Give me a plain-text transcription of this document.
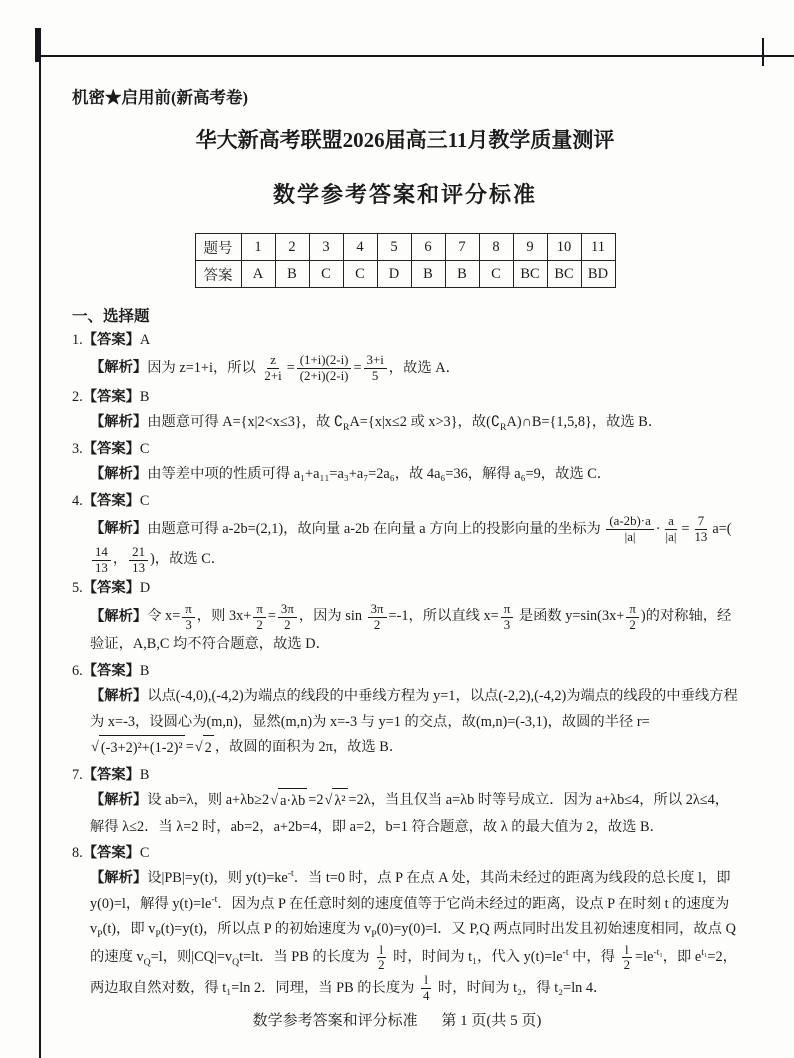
机密★启用前(新高考卷)
华大新高考联盟2026届高三11月教学质量测评
数学参考答案和评分标准
题号	1	2	3	4	5	6	7	8	9	10	11
答案	A	B	C	C	D	B	B	C	BC	BC	BD
一、选择题
1.【答案】A
【解析】因为 z=1+i，所以 $\frac{z}{2+i} = \frac{(1+i)(2-i)}{(2+i)(2-i)} = \frac{3+i}{5}$ ，故选 A．
2.【答案】B
【解析】由题意可得 A={x|2<x≤3}，故 $∁_RA=\{x|x\le 2$ 或 x>3}，故$(∁_RA)\cap B=\{1,5,8\}$，故选 B．
3.【答案】C
【解析】由等差中项的性质可得 a₁+a₁₁=a₃+a₇=2a₆，故 4a₆=36，解得 a₆=9，故选 C．
4.【答案】C
【解析】由题意可得 a-2b=(2,1)，故向量 a-2b 在向量 a 方向上的投影向量的坐标为 $\frac{(a-2b)\cdot a}{|a|} \cdot \frac{a}{|a|} = \frac{7}{13} a=$(
$\frac{14}{13}$ ， $\frac{21}{13}$ )，故选 C．
5.【答案】D
【解析】令 $x= \frac{\pi}{3}$ ，则 $3x+ \frac{\pi}{2} = \frac{3\pi}{2}$ ，因为 $\sin \frac{3\pi}{2} =-1$，所以直线 $x= \frac{\pi}{3}$ 是函数 $y=\sin(3x+ \frac{\pi}{2}$ )的对称轴，经验证，A,B,C 均不符合题意，故选 D．
6.【答案】B
【解析】以点(-4,0),(-4,2)为端点的线段的中垂线方程为 y=1，以点(-2,2),(-4,2)为端点的线段的中垂线方程为 x=-3，设圆心为(m,n)，显然(m,n)为 x=-3 与 y=1 的交点，故(m,n)=(-3,1)，故圆的半径 r=√ (-3+2)²+(1-2)² =√ 2 ，故圆的面积为 2π，故选 B．
7.【答案】B
【解析】设 ab=λ，则 a+λb≥2√ a·λb =2√ λ² =2λ，当且仅当 a=λb 时等号成立．因为 a+λb≤4，所以 2λ≤4，解得 λ≤2．当 λ=2 时，ab=2，a+2b=4，即 a=2，b=1 符合题意，故 λ 的最大值为 2，故选 B．
8.【答案】C
【解析】设|PB|=y(t)，则 $y(t)=ke^{-t}$．当 t=0 时，点 P 在点 A 处，其尚未经过的距离为线段的总长度 l，即 y(0)=l，解得 $y(t)=le^{-t}$．因为点 P 在任意时刻的速度值等于它尚未经过的距离，设点 P 在时刻 t 的速度为 $v_P(t)$，即 $v_P(t)=y(t)$，所以点 P 的初始速度为 $v_P(0)=y(0)=l$．又 P,Q 两点同时出发且初始速度相同，故点 Q 的速度 $v_Q=l$，则$|CQ|=v_Qt=lt$．当 PB 的长度为 $\frac{l}{2}$ 时，时间为 t₁，代入 $y(t)=le^{-t}$ 中，得 $\frac{l}{2} =le^{-t_1}$，即 $e^{t_1}=2$，两边取自然对数，得 t₁=ln 2．同理，当 PB 的长度为 $\frac{l}{4}$ 时，时间为 t₂，得 t₂=ln 4．
数学参考答案和评分标准 第 1 页(共 5 页)
